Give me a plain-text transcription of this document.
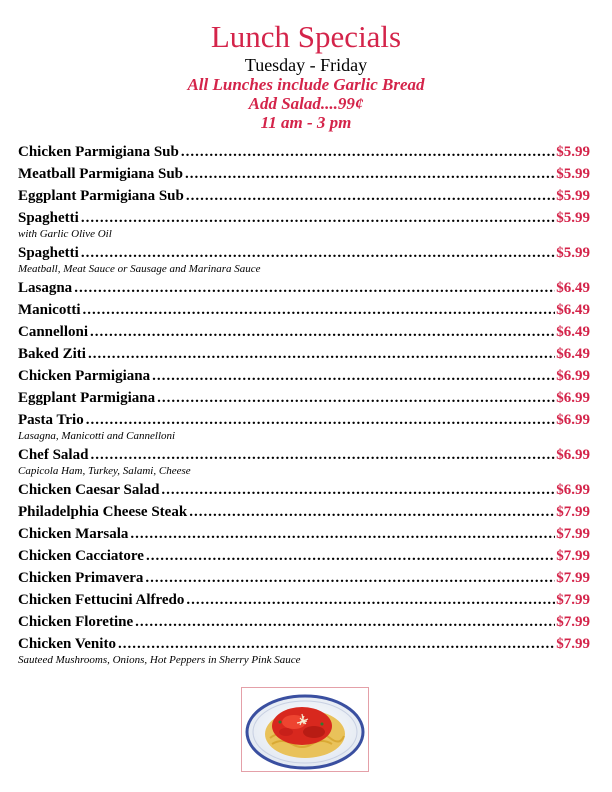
Lunch Specials
Tuesday - Friday
All Lunches include Garlic Bread
Add Salad....99¢
11 am - 3 pm
Chicken Parmigiana Sub .....	$5.99
Meatball Parmigiana Sub .....	$5.99
Eggplant Parmigiana Sub .....	$5.99
Spaghetti .....	$5.99
with Garlic Olive Oil
Spaghetti .....	$5.99
Meatball, Meat Sauce or Sausage and Marinara Sauce
Lasagna .....	$6.49
Manicotti .....	$6.49
Cannelloni .....	$6.49
Baked Ziti .....	$6.49
Chicken Parmigiana .....	$6.99
Eggplant Parmigiana .....	$6.99
Pasta Trio .....	$6.99
Lasagna, Manicotti and Cannelloni
Chef Salad .....	$6.99
Capicola Ham, Turkey, Salami, Cheese
Chicken Caesar Salad .....	$6.99
Philadelphia Cheese Steak .....	$7.99
Chicken Marsala .....	$7.99
Chicken Cacciatore .....	$7.99
Chicken Primavera .....	$7.99
Chicken Fettucini Alfredo .....	$7.99
Chicken Floretine .....	$7.99
Chicken Venito .....	$7.99
Sauteed Mushrooms, Onions, Hot Peppers in Sherry Pink Sauce
